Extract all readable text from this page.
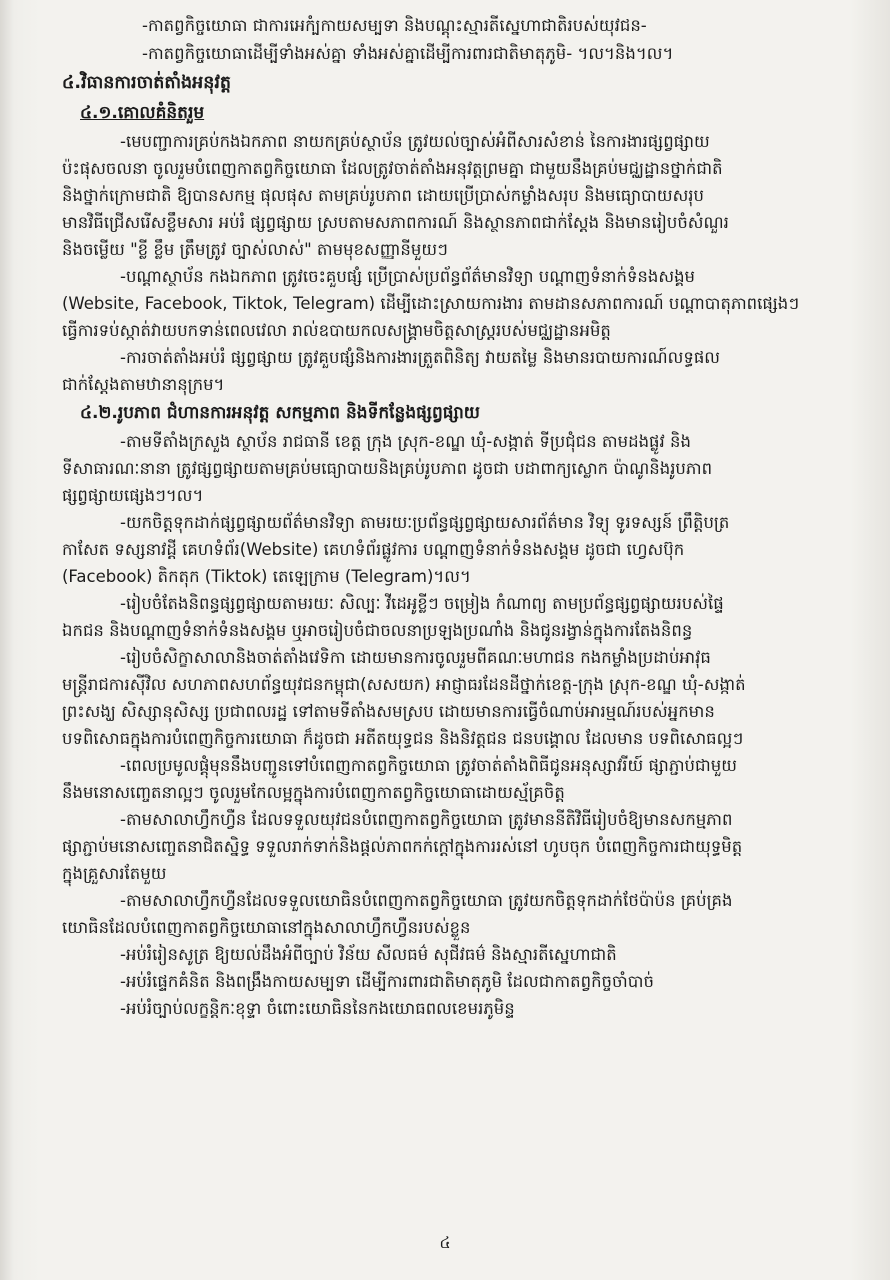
-កាតព្វកិច្ចយោធា ជាការអេកំ្បកាយសម្បទា និងបណ្តុះស្មារតីស្នេហាជាតិរបស់យុវជន-
-កាតព្វកិច្ចយោធាដើម្បីទាំងអស់គ្នា ទាំងអស់គ្នាដើម្បីការពារជាតិមាតុភូមិ- ។ល។និង។ល។
៤.វិធានការចាត់តាំងអនុវត្ត
៤.១.គោលគំនិតរួម
-មេបញ្ជាការគ្រប់កងឯកភាព នាយកគ្រប់ស្ថាប័ន ត្រូវយល់ច្បាស់អំពីសារសំខាន់ នៃការងារផ្សព្វផ្សាយ
ប៉ះផុសចលនា ចូលរួមបំពេញកាតព្វកិច្ចយោធា ដែលត្រូវចាត់តាំងអនុវត្តព្រមគ្នា ជាមួយនឹងគ្រប់មជ្ឈដ្ឋានថ្នាក់ជាតិ
និងថ្នាក់ក្រោមជាតិ ឱ្យបានសកម្ម ផុលផុស តាមគ្រប់រូបភាព ដោយប្រើប្រាស់កម្លាំងសរុប និងមធ្យោបាយសរុប
មានវិធីជ្រើសរើសខ្លឹមសារ អប់រំ ផ្សព្វផ្សាយ ស្របតាមសភាពការណ៍ និងស្ថានភាពជាក់ស្តែង និងមានរៀបចំសំណួរ
និងចម្លើយ "ខ្លី ខ្លឹម ត្រឹមត្រូវ ច្បាស់លាស់" តាមមុខសញ្ញានីមួយៗ
-បណ្តាស្ថាប័ន កងឯកភាព ត្រូវចេះគួបផ្សំ ប្រើប្រាស់ប្រព័ន្ធព័ត៌មានវិទ្យា បណ្តាញទំនាក់ទំនងសង្គម
(Website, Facebook, Tiktok, Telegram) ដើម្បីដោះស្រាយការងារ តាមដានសភាពការណ៍ បណ្តាបាតុភាពផ្សេងៗ
ធ្វើការទប់ស្កាត់វាយបកទាន់ពេលវេលា រាល់ឧបាយកលសង្គ្រាមចិត្តសាស្ត្ររបស់មជ្ឈដ្ឋានអមិត្ត
-ការចាត់តាំងអប់រំ ផ្សព្វផ្សាយ ត្រូវគួបផ្សំនិងការងារត្រួតពិនិត្យ វាយតម្លៃ និងមានរបាយការណ៍លទ្ធផល
ជាក់ស្តែងតាមឋានានុក្រម។
៤.២.រូបភាព ជំហានការអនុវត្ត សកម្មភាព និងទីកន្លែងផ្សព្វផ្សាយ
-តាមទីតាំងក្រសួង ស្ថាប័ន រាជធានី ខេត្ត ក្រុង ស្រុក-ខណ្ឌ ឃុំ-សង្កាត់ ទីប្រជុំជន តាមដងផ្លូវ និង
ទីសាធារណៈនានា ត្រូវផ្សព្វផ្សាយតាមគ្រប់មធ្យោបាយនិងគ្រប់រូបភាព ដូចជា បដាពាក្យស្លោក ប៉ាណូនិងរូបភាព
ផ្សព្វផ្សាយផ្សេងៗ។ល។
-យកចិត្តទុកដាក់ផ្សព្វផ្សាយព័ត៌មានវិទ្យា តាមរយៈប្រព័ន្ធផ្សព្វផ្សាយសារព័ត៌មាន វិទ្យុ ទូរទស្សន៍ ព្រឹត្តិបត្រ
កាសែត ទស្សនាវដ្តី គេហទំព័រ(Website) គេហទំព័រផ្លូវការ បណ្តាញទំនាក់ទំនងសង្គម ដូចជា ហ្វេសប៊ុក
(Facebook) តិកតុក (Tiktok) តេឡេក្រាម (Telegram)។ល។
-រៀបចំតែងនិពន្ធផ្សព្វផ្សាយតាមរយៈ សិល្បៈ វីដេអូខ្លីៗ ចម្រៀង កំណាព្យ តាមប្រព័ន្ធផ្សព្វផ្សាយរបស់ផ្ទៃ
ឯកជន និងបណ្តាញទំនាក់ទំនងសង្គម ឬអាចរៀបចំជាចលនាប្រឡងប្រណាំង និងជូនរង្វាន់ក្នុងការតែងនិពន្ធ
-រៀបចំសិក្ខាសាលានិងចាត់តាំងវេទិកា ដោយមានការចូលរួមពីគណៈមហាជន កងកម្លាំងប្រដាប់អាវុធ
មន្ត្រីរាជការស៊ីវិល សហភាពសហព័ន្ធយុវជនកម្ពុជា(សសយក) អាជ្ញាធរដែនដីថ្នាក់ខេត្ត-ក្រុង ស្រុក-ខណ្ឌ ឃុំ-សង្កាត់
ព្រះសង្ឃ សិស្សានុសិស្ស ប្រជាពលរដ្ឋ ទៅតាមទីតាំងសមស្រប ដោយមានការធ្វើចំណាប់អារម្មណ៍របស់អ្នកមាន
បទពិសោធក្នុងការបំពេញកិច្ចការយោធា ក៏ដូចជា អតីតយុទ្ធជន និងនិវត្តជន ជនបង្គោល ដែលមាន បទពិសោធល្អៗ
-ពេលប្រមូលផ្តុំមុននឹងបញ្ជូនទៅបំពេញកាតព្វកិច្ចយោធា ត្រូវចាត់តាំងពិធីជូនអនុស្សាវរីយ៍ ផ្សាភ្ជាប់ជាមួយ
នឹងមនោសញ្ចេតនាល្អៗ ចូលរួមកែលម្អក្នុងការបំពេញកាតព្វកិច្ចយោធាដោយស្ម័គ្រចិត្ត
-តាមសាលាហ្វឹកហ្វឺន ដែលទទួលយុវជនបំពេញកាតព្វកិច្ចយោធា ត្រូវមាននីតិវិធីរៀបចំឱ្យមានសកម្មភាព
ផ្សាភ្ជាប់មនោសញ្ចេតនាជិតស្និទ្ធ ទទួលរាក់ទាក់និងផ្តល់ភាពកក់ក្តៅក្នុងការរស់នៅ ហូបចុក បំពេញកិច្ចការជាយុទ្ធមិត្ត
ក្នុងគ្រួសារតែមួយ
-តាមសាលាហ្វឹកហ្វឺនដែលទទួលយោធិនបំពេញកាតព្វកិច្ចយោធា ត្រូវយកចិត្តទុកដាក់ថែប៉ាប៉ន គ្រប់គ្រង
យោធិនដែលបំពេញកាតព្វកិច្ចយោធានៅក្នុងសាលាហ្វឹកហ្វឺនរបស់ខ្លួន
-អប់រំរៀនសូត្រ ឱ្យយល់ដឹងអំពីច្បាប់ វិន័យ សីលធម៌ សុជីវធម៌ និងស្មារតីស្នេហាជាតិ
-អប់រំផ្ទេកគំនិត និងពង្រឹងកាយសម្បទា ដើម្បីការពារជាតិមាតុភូមិ ដែលជាកាតព្វកិច្ចចាំបាច់
-អប់រំច្បាប់លក្ខន្តិកៈខុទ្ទា ចំពោះយោធិននៃកងយោធពលខេមរភូមិន្ទ
៤
